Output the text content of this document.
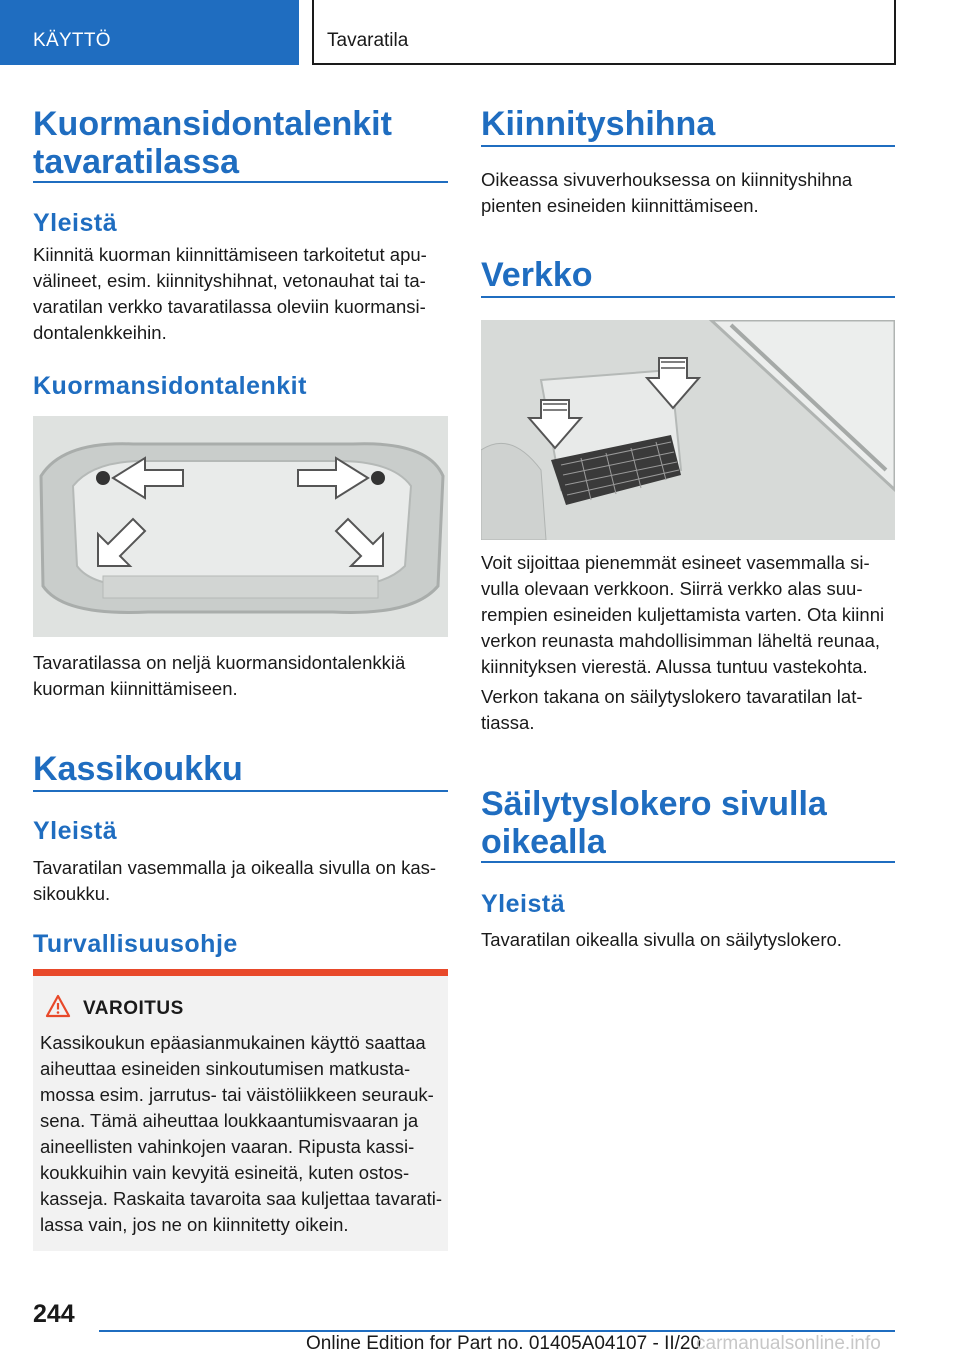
KÄYTTÖ	Tavaratila
Kuormansidontalenkit tavaratilassa
Yleistä
Kiinnitä kuorman kiinnittämiseen tarkoitetut apu-välineet, esim. kiinnityshihnat, vetonauhat tai ta-varatilan verkko tavaratilassa oleviin kuormansi-dontalenkkeihin.
Kuormansidontalenkit
Tavaratilassa on neljä kuormansidontalenkkiä kuorman kiinnittämiseen.
Kassikoukku
Yleistä
Tavaratilan vasemmalla ja oikealla sivulla on kas-sikoukku.
Turvallisuusohje
VAROITUS
Kassikoukun epäasianmukainen käyttö saattaa aiheuttaa esineiden sinkoutumisen matkusta-mossa esim. jarrutus- tai väistöliikkeen seurauk-sena. Tämä aiheuttaa loukkaantumisvaaran ja aineellisten vahinkojen vaaran. Ripusta kassi-koukkuihin vain kevyitä esineitä, kuten ostos-kasseja. Raskaita tavaroita saa kuljettaa tavarati-lassa vain, jos ne on kiinnitetty oikein.
Kiinnityshihna
Oikeassa sivuverhouksessa on kiinnityshihna pienten esineiden kiinnittämiseen.
Verkko
Voit sijoittaa pienemmät esineet vasemmalla si-vulla olevaan verkkoon. Siirrä verkko alas suu-rempien esineiden kuljettamista varten. Ota kiinni verkon reunasta mahdollisimman läheltä reunaa, kiinnityksen vierestä. Alussa tuntuu vastekohta.
Verkon takana on säilytyslokero tavaratilan lat-tiassa.
Säilytyslokero sivulla oikealla
Yleistä
Tavaratilan oikealla sivulla on säilytyslokero.
244
Online Edition for Part no. 01405A04107 - II/20
carmanualsonline.info
